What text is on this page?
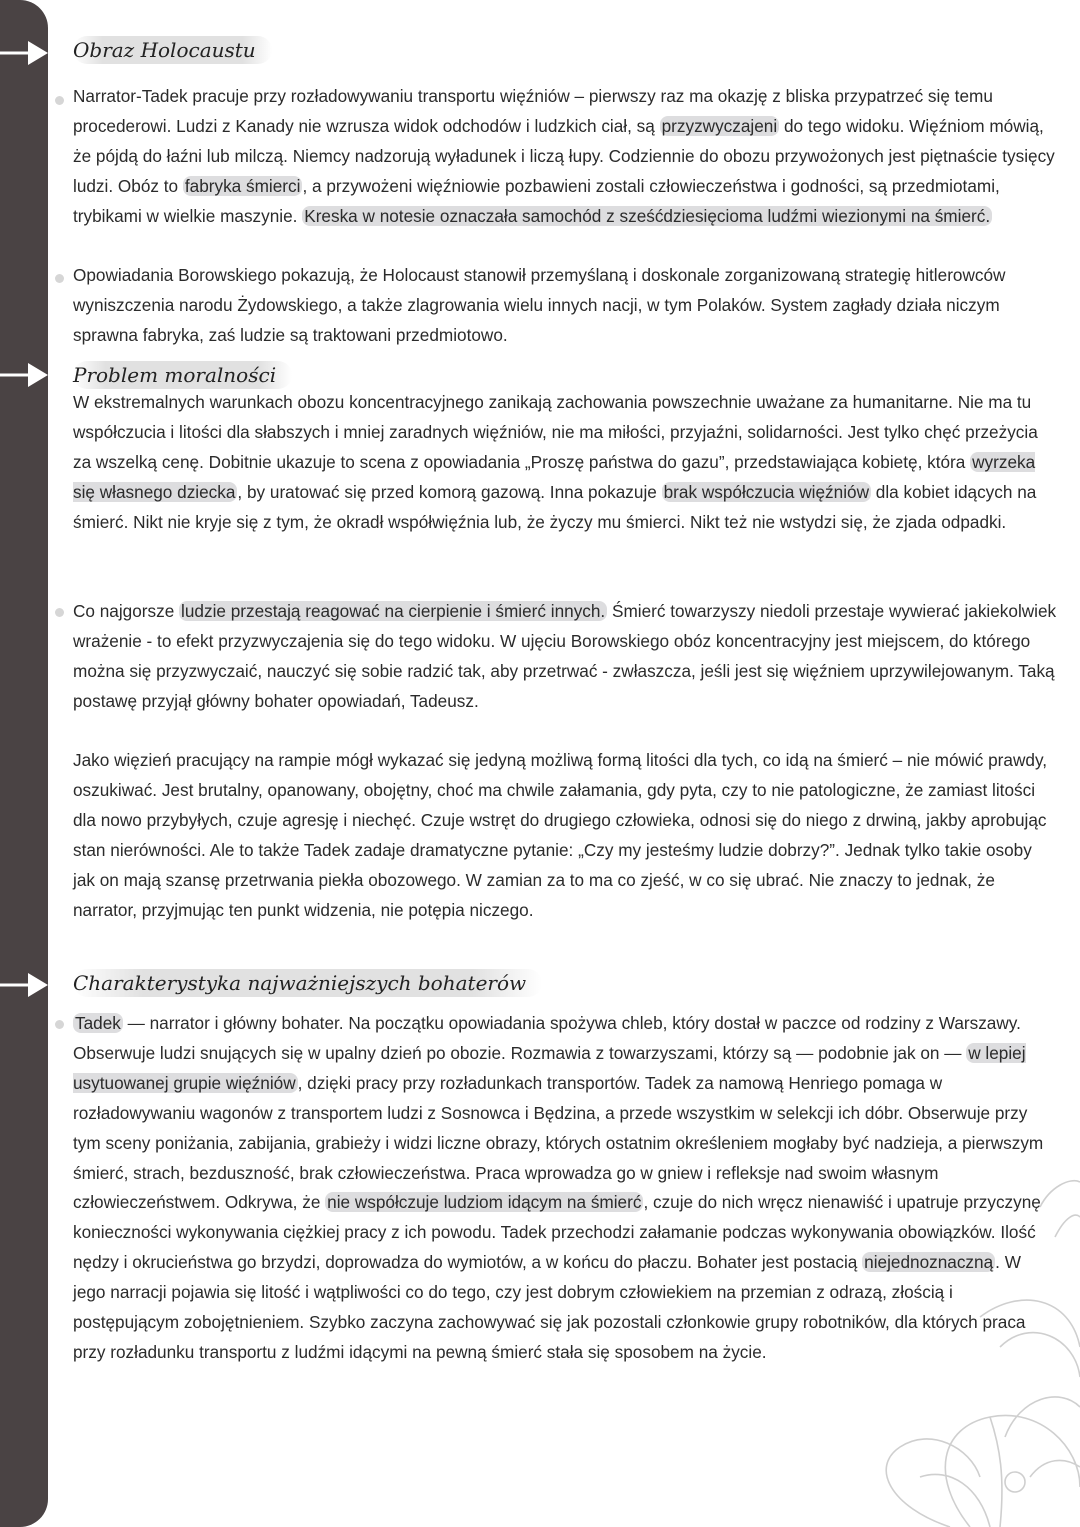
Obraz Holocaustu
Narrator-Tadek pracuje przy rozładowywaniu transportu więźniów – pierwszy raz ma okazję z bliska przypatrzeć się temu procederowi. Ludzi z Kanady nie wzrusza widok odchodów i ludzkich ciał, są przyzwyczajeni do tego widoku. Więźniom mówią, że pójdą do łaźni lub milczą. Niemcy nadzorują wyładunek i liczą łupy. Codziennie do obozu przywożonych jest piętnaście tysięcy ludzi. Obóz to fabryka śmierci , a przywożeni więźniowie pozbawieni zostali człowieczeństwa i godności, są przedmiotami, trybikami w wielkie maszynie. Kreska w notesie oznaczała samochód z sześćdziesięcioma ludźmi wiezionymi na śmierć.
Opowiadania Borowskiego pokazują, że Holocaust stanowił przemyślaną i doskonale zorganizowaną strategię hitlerowców wyniszczenia narodu Żydowskiego, a także zlagrowania wielu innych nacji, w tym Polaków. System zagłady działa niczym sprawna fabryka, zaś ludzie są traktowani przedmiotowo.
Problem moralności
W ekstremalnych warunkach obozu koncentracyjnego zanikają zachowania powszechnie uważane za humanitarne. Nie ma tu współczucia i litości dla słabszych i mniej zaradnych więźniów, nie ma miłości, przyjaźni, solidarności. Jest tylko chęć przeżycia za wszelką cenę. Dobitnie ukazuje to scena z opowiadania „Proszę państwa do gazu”, przedstawiająca kobietę, która wyrzeka się własnego dziecka , by uratować się przed komorą gazową. Inna pokazuje brak współczucia więźniów dla kobiet idących na śmierć. Nikt nie kryje się z tym, że okradł współwięźnia lub, że życzy mu śmierci. Nikt też nie wstydzi się, że zjada odpadki.
Co najgorsze ludzie przestają reagować na cierpienie i śmierć innych. Śmierć towarzyszy niedoli przestaje wywierać jakiekolwiek wrażenie - to efekt przyzwyczajenia się do tego widoku. W ujęciu Borowskiego obóz koncentracyjny jest miejscem, do którego można się przyzwyczaić, nauczyć się sobie radzić tak, aby przetrwać - zwłaszcza, jeśli jest się więźniem uprzywilejowanym. Taką postawę przyjął główny bohater opowiadań, Tadeusz.
Jako więzień pracujący na rampie mógł wykazać się jedyną możliwą formą litości dla tych, co idą na śmierć – nie mówić prawdy, oszukiwać. Jest brutalny, opanowany, obojętny, choć ma chwile załamania, gdy pyta, czy to nie patologiczne, że zamiast litości dla nowo przybyłych, czuje agresję i niechęć. Czuje wstręt do drugiego człowieka, odnosi się do niego z drwiną, jakby aprobując stan nierówności. Ale to także Tadek zadaje dramatyczne pytanie: „Czy my jesteśmy ludzie dobrzy?”. Jednak tylko takie osoby jak on mają szansę przetrwania piekła obozowego. W zamian za to ma co zjeść, w co się ubrać. Nie znaczy to jednak, że narrator, przyjmując ten punkt widzenia, nie potępia niczego.
Charakterystyka najważniejszych bohaterów
Tadek — narrator i główny bohater. Na początku opowiadania spożywa chleb, który dostał w paczce od rodziny z Warszawy. Obserwuje ludzi snujących się w upalny dzień po obozie. Rozmawia z towarzyszami, którzy są — podobnie jak on — w lepiej usytuowanej grupie więźniów , dzięki pracy przy rozładunkach transportów. Tadek za namową Henriego pomaga w rozładowywaniu wagonów z transportem ludzi z Sosnowca i Będzina, a przede wszystkim w selekcji ich dóbr. Obserwuje przy tym sceny poniżania, zabijania, grabieży i widzi liczne obrazy, których ostatnim określeniem mogłaby być nadzieja, a pierwszym śmierć, strach, bezduszność, brak człowieczeństwa. Praca wprowadza go w gniew i refleksje nad swoim własnym człowieczeństwem. Odkrywa, że nie współczuje ludziom idącym na śmierć , czuje do nich wręcz nienawiść i upatruje przyczynę konieczności wykonywania ciężkiej pracy z ich powodu. Tadek przechodzi załamanie podczas wykonywania obowiązków. Ilość nędzy i okrucieństwa go brzydzi, doprowadza do wymiotów, a w końcu do płaczu. Bohater jest postacią niejednoznaczną . W jego narracji pojawia się litość i wątpliwości co do tego, czy jest dobrym człowiekiem na przemian z odrazą, złością i postępującym zobojętnieniem. Szybko zaczyna zachowywać się jak pozostali członkowie grupy robotników, dla których praca przy rozładunku transportu z ludźmi idącymi na pewną śmierć stała się sposobem na życie.
